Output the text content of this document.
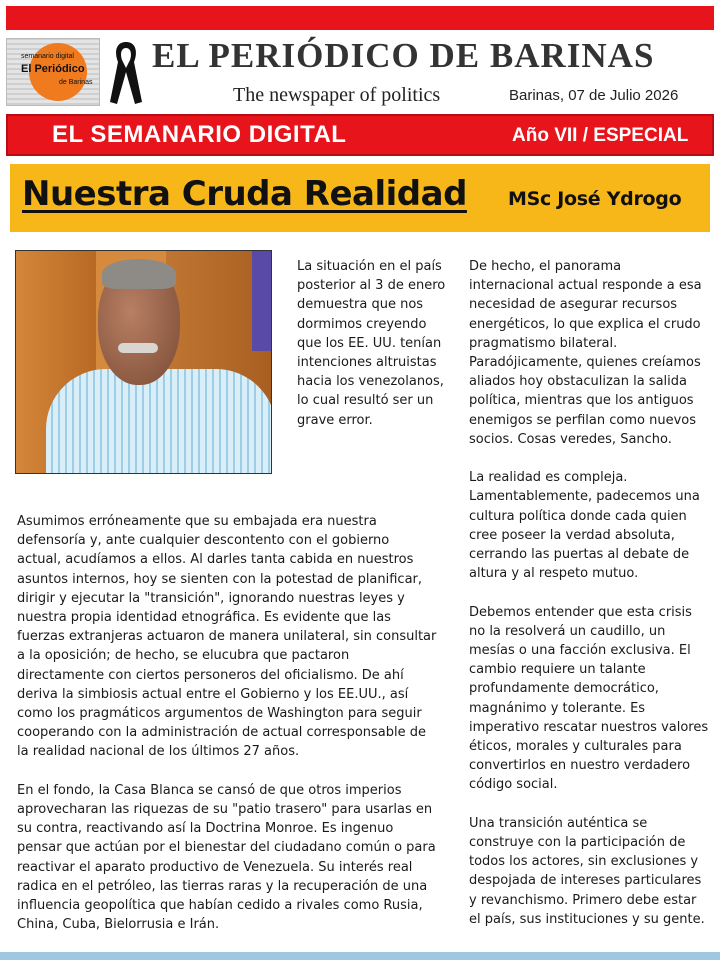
semanario digital
El Periódico
de Barinas
EL PERIÓDICO DE BARINAS
The newspaper of politics	Barinas, 07 de Julio 2026
EL SEMANARIO DIGITAL	Año VII / ESPECIAL
Nuestra Cruda Realidad MSc José Ydrogo

La situación en el país posterior al 3 de enero demuestra que nos dormimos creyendo que los EE. UU. tenían intenciones altruistas hacia los venezolanos, lo cual resultó ser un grave error.

Asumimos erróneamente que su embajada era nuestra defensoría y, ante cualquier descontento con el gobierno actual, acudíamos a ellos. Al darles tanta cabida en nuestros asuntos internos, hoy se sienten con la potestad de planificar, dirigir y ejecutar la "transición", ignorando nuestras leyes y nuestra propia identidad etnográfica. Es evidente que las fuerzas extranjeras actuaron de manera unilateral, sin consultar a la oposición; de hecho, se elucubra que pactaron directamente con ciertos personeros del oficialismo. De ahí deriva la simbiosis actual entre el Gobierno y los EE.UU., así como los pragmáticos argumentos de Washington para seguir cooperando con la administración de actual corresponsable de la realidad nacional de los últimos 27 años.

En el fondo, la Casa Blanca se cansó de que otros imperios aprovecharan las riquezas de su "patio trasero" para usarlas en su contra, reactivando así la Doctrina Monroe. Es ingenuo pensar que actúan por el bienestar del ciudadano común o para reactivar el aparato productivo de Venezuela. Su interés real radica en el petróleo, las tierras raras y la recuperación de una influencia geopolítica que habían cedido a rivales como Rusia, China, Cuba, Bielorrusia e Irán.

De hecho, el panorama internacional actual responde a esa necesidad de asegurar recursos energéticos, lo que explica el crudo pragmatismo bilateral. Paradójicamente, quienes creíamos aliados hoy obstaculizan la salida política, mientras que los antiguos enemigos se perfilan como nuevos socios. Cosas veredes, Sancho.

La realidad es compleja. Lamentablemente, padecemos una cultura política donde cada quien cree poseer la verdad absoluta, cerrando las puertas al debate de altura y al respeto mutuo.

Debemos entender que esta crisis no la resolverá un caudillo, un mesías o una facción exclusiva. El cambio requiere un talante profundamente democrático, magnánimo y tolerante. Es imperativo rescatar nuestros valores éticos, morales y culturales para convertirlos en nuestro verdadero código social.

Una transición auténtica se construye con la participación de todos los actores, sin exclusiones y despojada de intereses particulares y revanchismo. Primero debe estar el país, sus instituciones y su gente.
